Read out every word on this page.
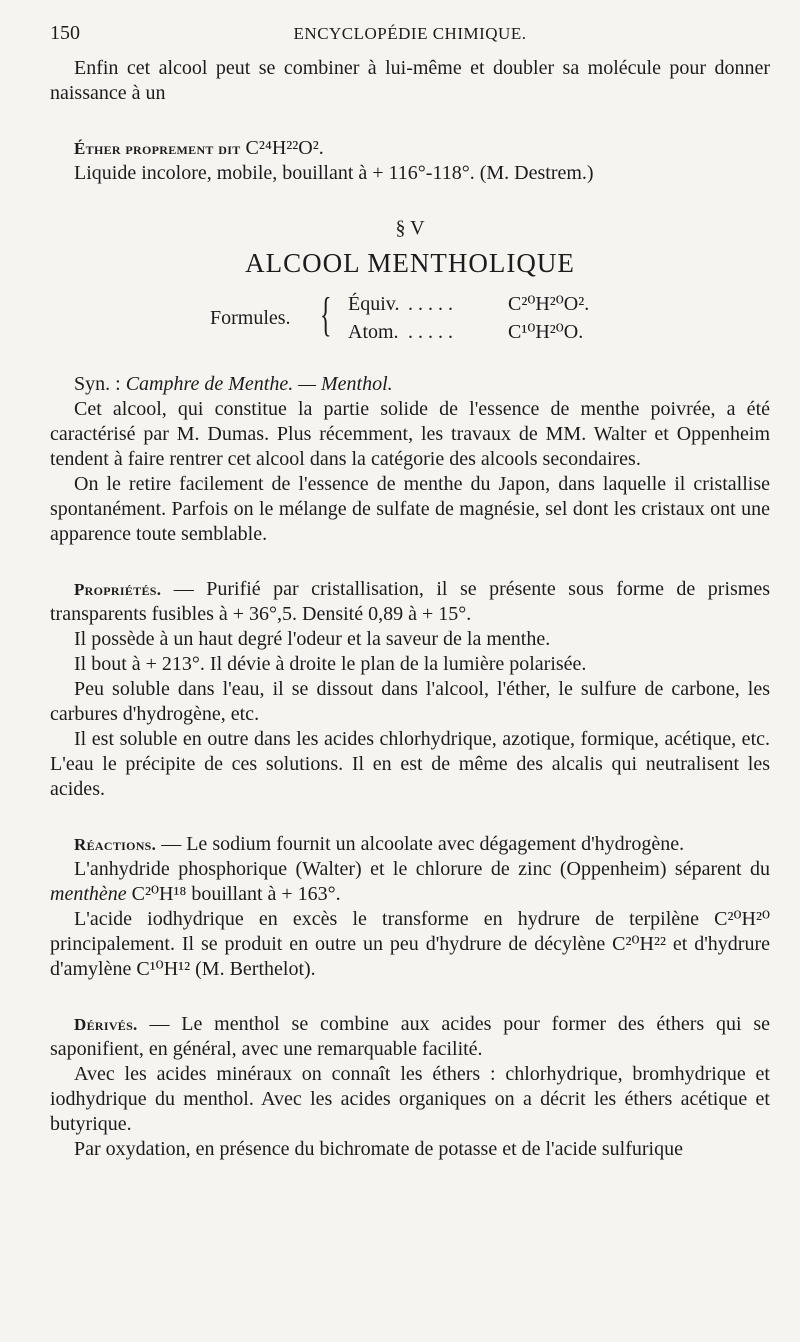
150	ENCYCLOPÉDIE CHIMIQUE.

Enfin cet alcool peut se combiner à lui-même et doubler sa molécule pour donner naissance à un

Éther proprement dit C²⁴H²²O².

Liquide incolore, mobile, bouillant à + 116°-118°. (M. Destrem.)

§ V

ALCOOL MENTHOLIQUE

Formules. { Équiv. .....	C²⁰H²⁰O².
Atom. .....	C¹⁰H²⁰O.

Syn. : Camphre de Menthe. — Menthol.

Cet alcool, qui constitue la partie solide de l'essence de menthe poivrée, a été caractérisé par M. Dumas. Plus récemment, les travaux de MM. Walter et Oppenheim tendent à faire rentrer cet alcool dans la catégorie des alcools secondaires.

On le retire facilement de l'essence de menthe du Japon, dans laquelle il cristallise spontanément. Parfois on le mélange de sulfate de magnésie, sel dont les cristaux ont une apparence toute semblable.

Propriétés. — Purifié par cristallisation, il se présente sous forme de prismes transparents fusibles à + 36°,5. Densité 0,89 à + 15°.

Il possède à un haut degré l'odeur et la saveur de la menthe.

Il bout à + 213°. Il dévie à droite le plan de la lumière polarisée.

Peu soluble dans l'eau, il se dissout dans l'alcool, l'éther, le sulfure de carbone, les carbures d'hydrogène, etc.

Il est soluble en outre dans les acides chlorhydrique, azotique, formique, acétique, etc. L'eau le précipite de ces solutions. Il en est de même des alcalis qui neutralisent les acides.

Réactions. — Le sodium fournit un alcoolate avec dégagement d'hydrogène.

L'anhydride phosphorique (Walter) et le chlorure de zinc (Oppenheim) séparent du menthène C²⁰H¹⁸ bouillant à + 163°.

L'acide iodhydrique en excès le transforme en hydrure de terpilène C²⁰H²⁰ principalement. Il se produit en outre un peu d'hydrure de décylène C²⁰H²² et d'hydrure d'amylène C¹⁰H¹² (M. Berthelot).

Dérivés. — Le menthol se combine aux acides pour former des éthers qui se saponifient, en général, avec une remarquable facilité.

Avec les acides minéraux on connaît les éthers : chlorhydrique, bromhydrique et iodhydrique du menthol. Avec les acides organiques on a décrit les éthers acétique et butyrique.

Par oxydation, en présence du bichromate de potasse et de l'acide sulfurique
